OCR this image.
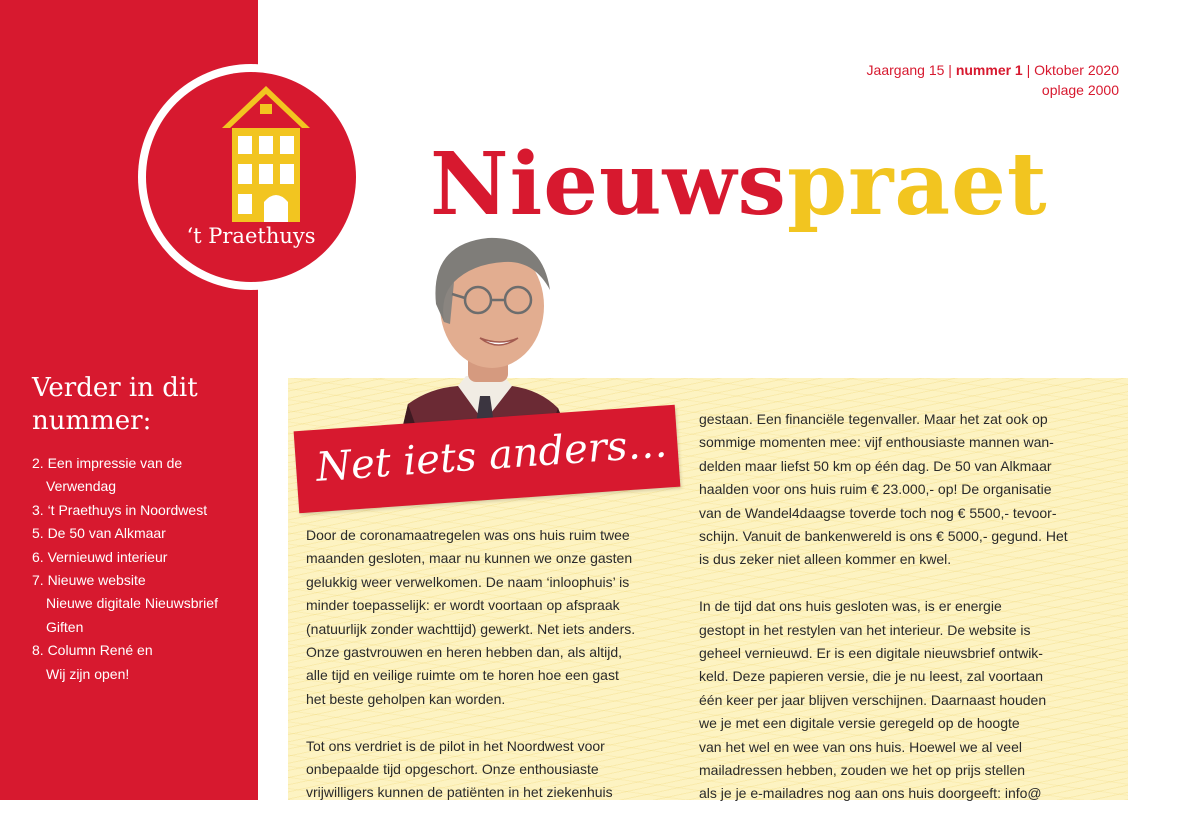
Verder in dit
nummer:
2. Een impressie van de
Verwendag
3. ‘t Praethuys in Noordwest
5. De 50 van Alkmaar
6. Vernieuwd interieur
7. Nieuwe website
Nieuwe digitale Nieuwsbrief
Giften
8. Column René en
Wij zijn open!
‘t Praethuys
Jaargang 15 | nummer 1 | Oktober 2020
oplage 2000
Nieuwspraet
Net iets anders…

Door de coronamaatregelen was ons huis ruim twee
maanden gesloten, maar nu kunnen we onze gasten
gelukkig weer verwelkomen. De naam ‘inloophuis’ is
minder toepasselijk: er wordt voortaan op afspraak
(natuurlijk zonder wachttijd) gewerkt. Net iets anders.
Onze gastvrouwen en heren hebben dan, als altijd,
alle tijd en veilige ruimte om te horen hoe een gast
het beste geholpen kan worden.

Tot ons verdriet is de pilot in het Noordwest voor
onbepaalde tijd opgeschort. Onze enthousiaste
vrijwilligers kunnen de patiënten in het ziekenhuis

gestaan. Een financiële tegenvaller. Maar het zat ook op
sommige momenten mee: vijf enthousiaste mannen wan-
delden maar liefst 50 km op één dag. De 50 van Alkmaar
haalden voor ons huis ruim € 23.000,- op! De organisatie
van de Wandel4daagse toverde toch nog € 5500,- tevoor-
schijn. Vanuit de bankenwereld is ons € 5000,- gegund. Het
is dus zeker niet alleen kommer en kwel.

In de tijd dat ons huis gesloten was, is er energie
gestopt in het restylen van het interieur. De website is
geheel vernieuwd. Er is een digitale nieuwsbrief ontwik-
keld. Deze papieren versie, die je nu leest, zal voortaan
één keer per jaar blijven verschijnen. Daarnaast houden
we je met een digitale versie geregeld op de hoogte
van het wel en wee van ons huis. Hoewel we al veel
mailadressen hebben, zouden we het op prijs stellen
als je je e-mailadres nog aan ons huis doorgeeft: info@
